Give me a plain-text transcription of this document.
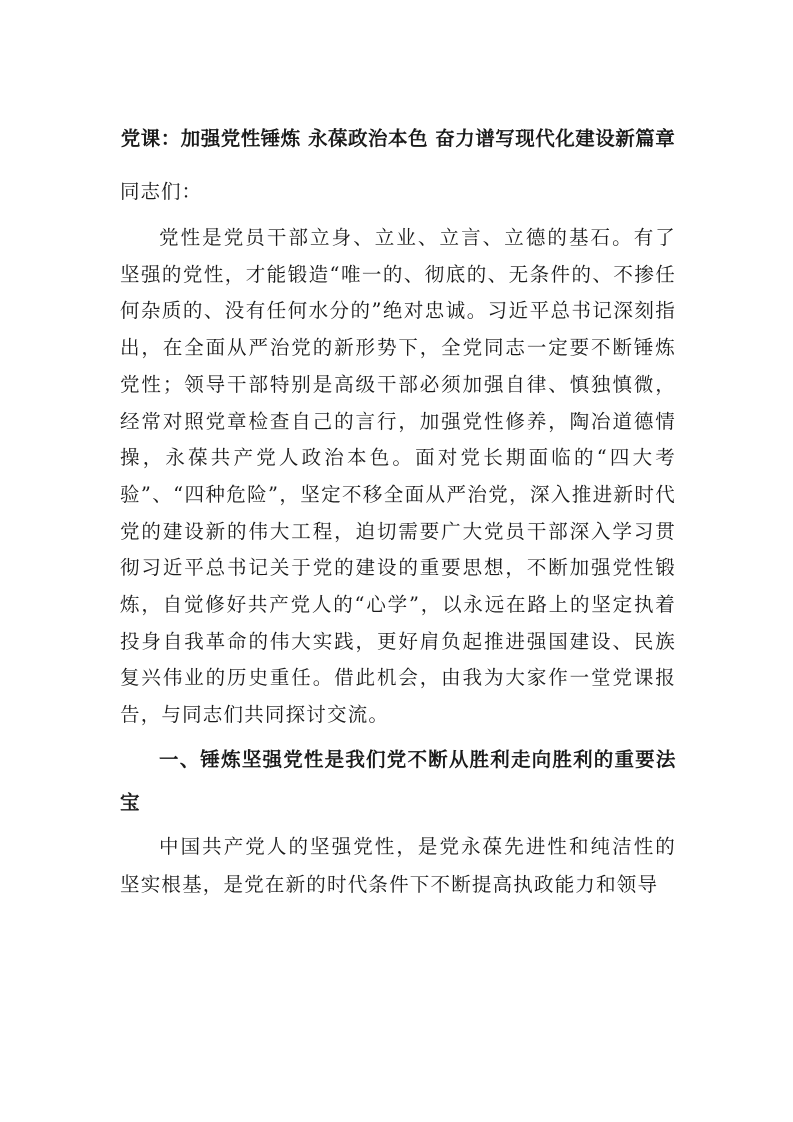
党课：加强党性锤炼 永葆政治本色 奋力谱写现代化建设新篇章

同志们：

党性是党员干部立身、立业、立言、立德的基石。有了坚强的党性，才能锻造“唯一的、彻底的、无条件的、不掺任何杂质的、没有任何水分的”绝对忠诚。习近平总书记深刻指出，在全面从严治党的新形势下，全党同志一定要不断锤炼党性；领导干部特别是高级干部必须加强自律、慎独慎微，经常对照党章检查自己的言行，加强党性修养，陶冶道德情操，永葆共产党人政治本色。面对党长期面临的“四大考验”、“四种危险”，坚定不移全面从严治党，深入推进新时代党的建设新的伟大工程，迫切需要广大党员干部深入学习贯彻习近平总书记关于党的建设的重要思想，不断加强党性锻炼，自觉修好共产党人的“心学”，以永远在路上的坚定执着投身自我革命的伟大实践，更好肩负起推进强国建设、民族复兴伟业的历史重任。借此机会，由我为大家作一堂党课报告，与同志们共同探讨交流。

一、锤炼坚强党性是我们党不断从胜利走向胜利的重要法宝

中国共产党人的坚强党性，是党永葆先进性和纯洁性的坚实根基，是党在新的时代条件下不断提高执政能力和领导
